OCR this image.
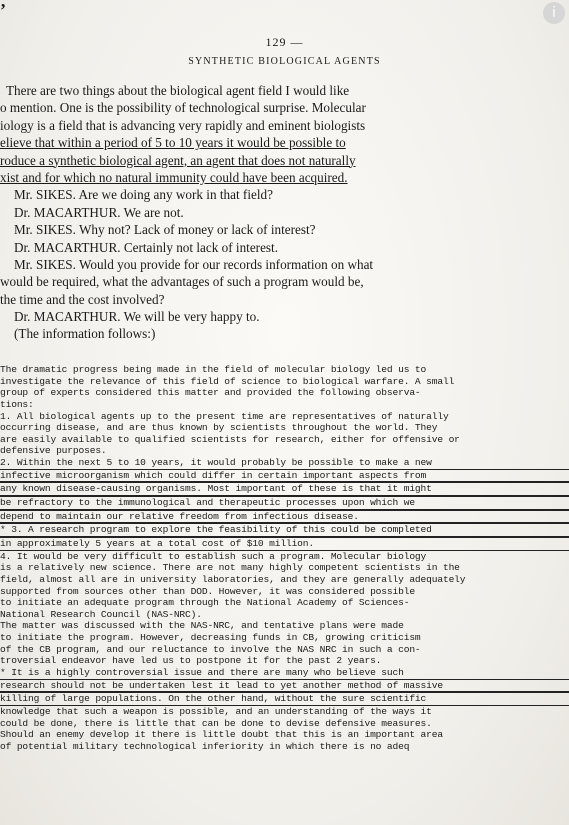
ʼ	i
129 —
SYNTHETIC BIOLOGICAL AGENTS
There are two things about the biological agent field I would like
o mention. One is the possibility of technological surprise. Molecular
iology is a field that is advancing very rapidly and eminent biologists
elieve that within a period of 5 to 10 years it would be possible to
roduce a synthetic biological agent, an agent that does not naturally
xist and for which no natural immunity could have been acquired.
Mr. SIKES. Are we doing any work in that field?
Dr. MACARTHUR. We are not.
Mr. SIKES. Why not? Lack of money or lack of interest?
Dr. MACARTHUR. Certainly not lack of interest.
Mr. SIKES. Would you provide for our records information on what
would be required, what the advantages of such a program would be,
the time and the cost involved?
Dr. MACARTHUR. We will be very happy to.
(The information follows:)
The dramatic progress being made in the field of molecular biology led us to
investigate the relevance of this field of science to biological warfare. A small
group of experts considered this matter and provided the following observa-
tions:
1. All biological agents up to the present time are representatives of naturally
occurring disease, and are thus known by scientists throughout the world. They
are easily available to qualified scientists for research, either for offensive or
defensive purposes.
2. Within the next 5 to 10 years, it would probably be possible to make a new
infective microorganism which could differ in certain important aspects from
any known disease-causing organisms. Most important of these is that it might
be refractory to the immunological and therapeutic processes upon which we
depend to maintain our relative freedom from infectious disease.
* 3. A research program to explore the feasibility of this could be completed
in approximately 5 years at a total cost of $10 million.
4. It would be very difficult to establish such a program. Molecular biology
is a relatively new science. There are not many highly competent scientists in the
field, almost all are in university laboratories, and they are generally adequately
supported from sources other than DOD. However, it was considered possible
to initiate an adequate program through the National Academy of Sciences-
National Research Council (NAS-NRC).
The matter was discussed with the NAS-NRC, and tentative plans were made
to initiate the program. However, decreasing funds in CB, growing criticism
of the CB program, and our reluctance to involve the NAS NRC in such a con-
troversial endeavor have led us to postpone it for the past 2 years.
* It is a highly controversial issue and there are many who believe such
research should not be undertaken lest it lead to yet another method of massive
killing of large populations. On the other hand, without the sure scientific
knowledge that such a weapon is possible, and an understanding of the ways it
could be done, there is little that can be done to devise defensive measures.
Should an enemy develop it there is little doubt that this is an important area
of potential military technological inferiority in which there is no adeq
